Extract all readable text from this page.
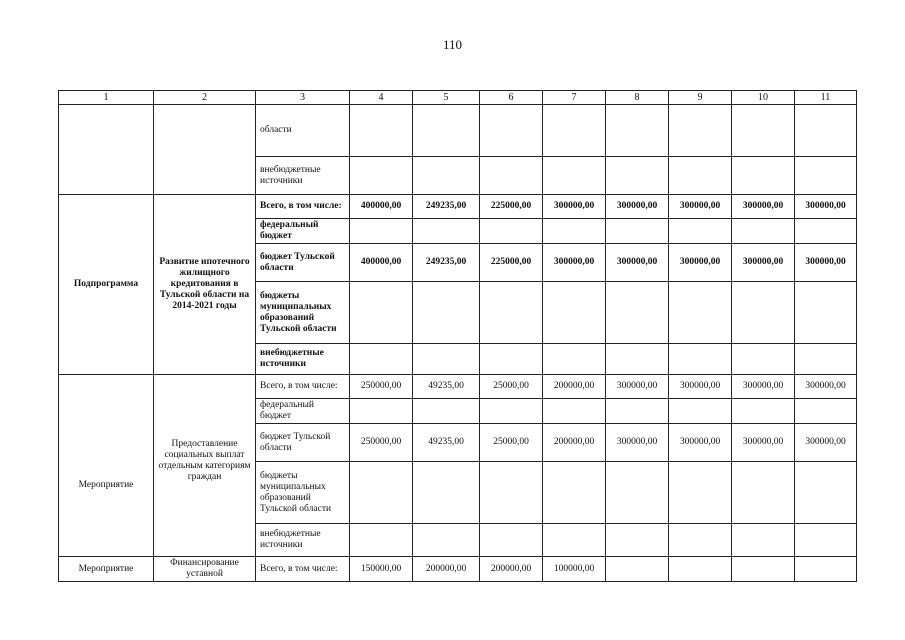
110
1	2	3	4	5	6	7	8	9	10	11
		области								
		внебюджетные источники								
Подпрограмма	Развитие ипотечного жилищного кредитования в Тульской области на 2014-2021 годы	Всего, в том числе:	400000,00	249235,00	225000,00	300000,00	300000,00	300000,00	300000,00	300000,00
		федеральный бюджет								
		бюджет Тульской области	400000,00	249235,00	225000,00	300000,00	300000,00	300000,00	300000,00	300000,00
		бюджеты муниципальных образований Тульской области								
		внебюджетные источники								
Мероприятие	Предоставление социальных выплат отдельным категориям граждан	Всего, в том числе:	250000,00	49235,00	25000,00	200000,00	300000,00	300000,00	300000,00	300000,00
		федеральный бюджет								
		бюджет Тульской области	250000,00	49235,00	25000,00	200000,00	300000,00	300000,00	300000,00	300000,00
		бюджеты муниципальных образований Тульской области								
		внебюджетные источники								
Мероприятие	Финансирование уставной	Всего, в том числе:	150000,00	200000,00	200000,00	100000,00				
